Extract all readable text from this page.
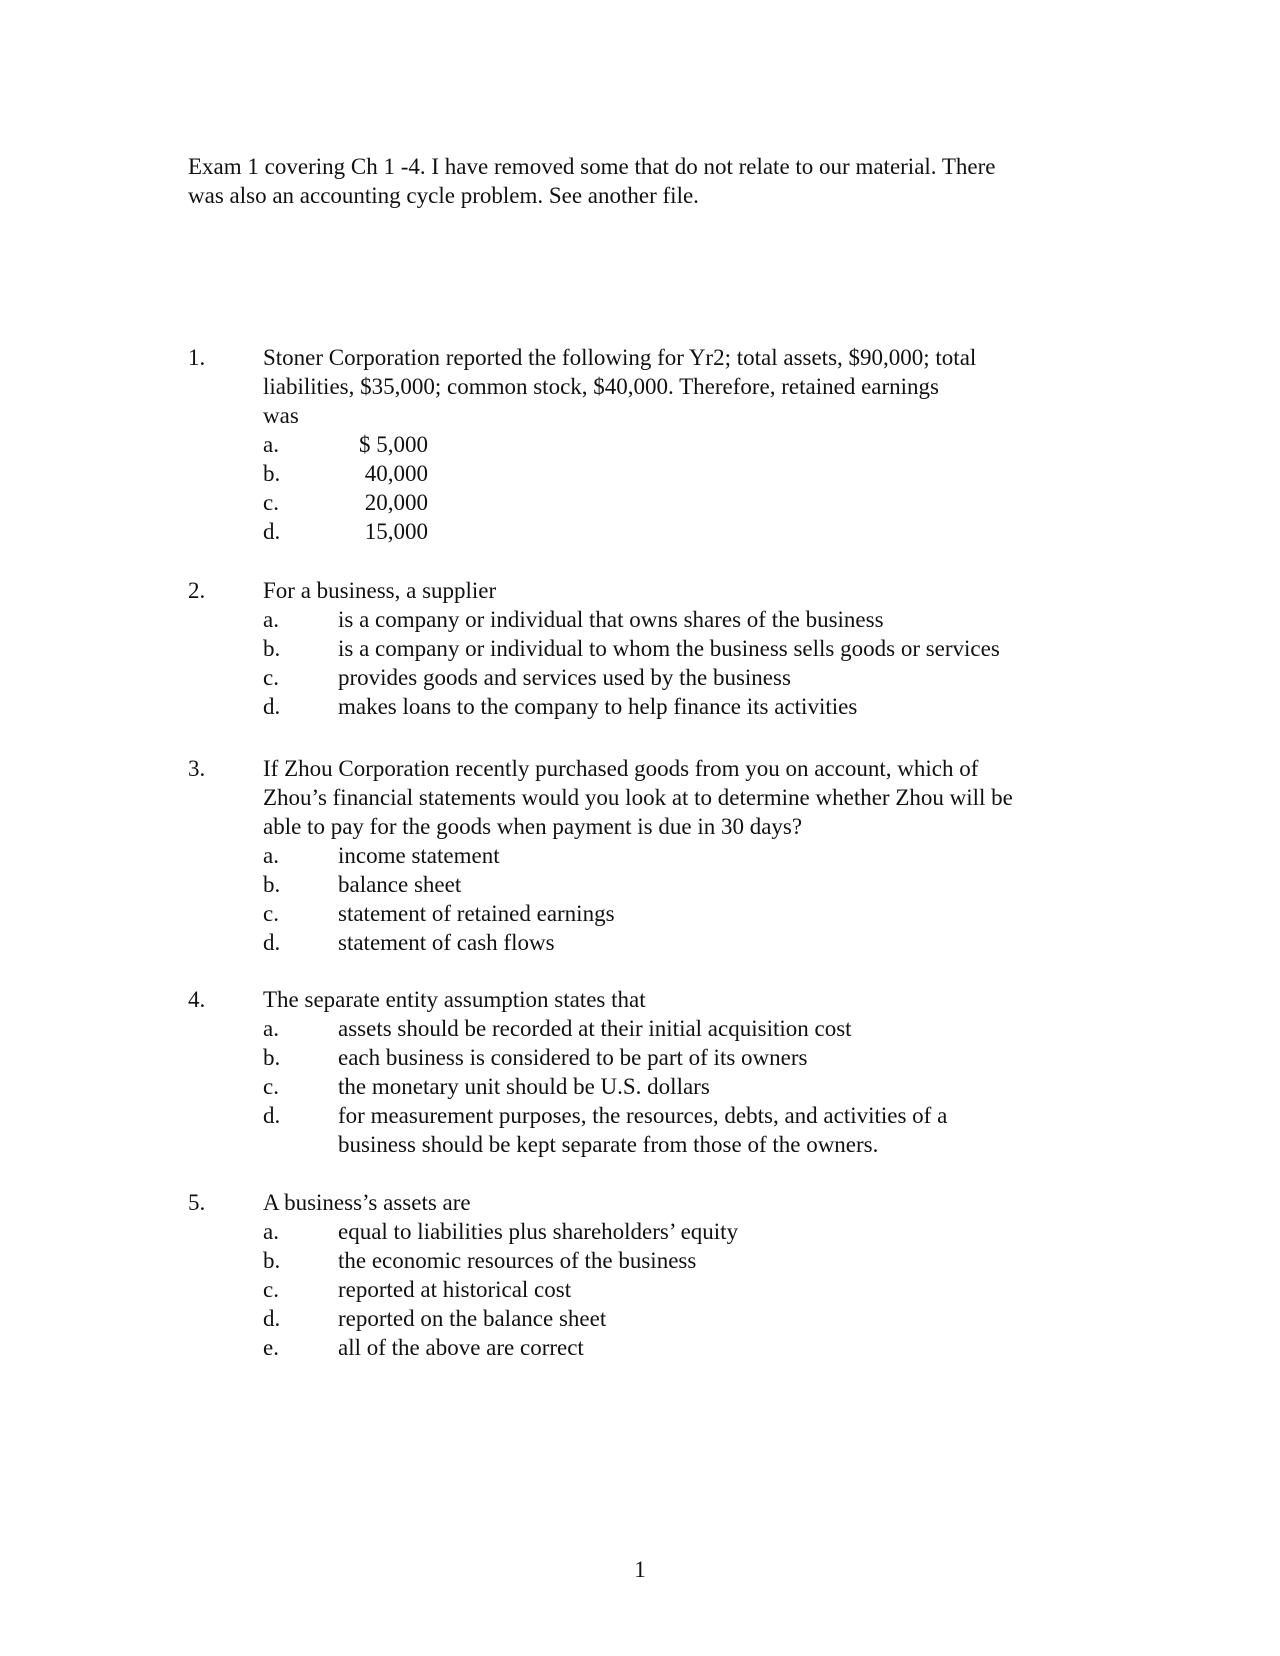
Exam 1 covering Ch 1 -4. I have removed some that do not relate to our material. There
was also an accounting cycle problem. See another file.
1.	Stoner Corporation reported the following for Yr2; total assets, $90,000; total
liabilities, $35,000; common stock, $40,000. Therefore, retained earnings
was
a.	$ 5,000
b.	40,000
c.	20,000
d.	15,000
2.	For a business, a supplier
a.	is a company or individual that owns shares of the business
b.	is a company or individual to whom the business sells goods or services
c.	provides goods and services used by the business
d.	makes loans to the company to help finance its activities
3.	If Zhou Corporation recently purchased goods from you on account, which of
Zhou’s financial statements would you look at to determine whether Zhou will be
able to pay for the goods when payment is due in 30 days?
a.	income statement
b.	balance sheet
c.	statement of retained earnings
d.	statement of cash flows
4.	The separate entity assumption states that
a.	assets should be recorded at their initial acquisition cost
b.	each business is considered to be part of its owners
c.	the monetary unit should be U.S. dollars
d.	for measurement purposes, the resources, debts, and activities of a
business should be kept separate from those of the owners.
5.	A business’s assets are
a.	equal to liabilities plus shareholders’ equity
b.	the economic resources of the business
c.	reported at historical cost
d.	reported on the balance sheet
e.	all of the above are correct
1
